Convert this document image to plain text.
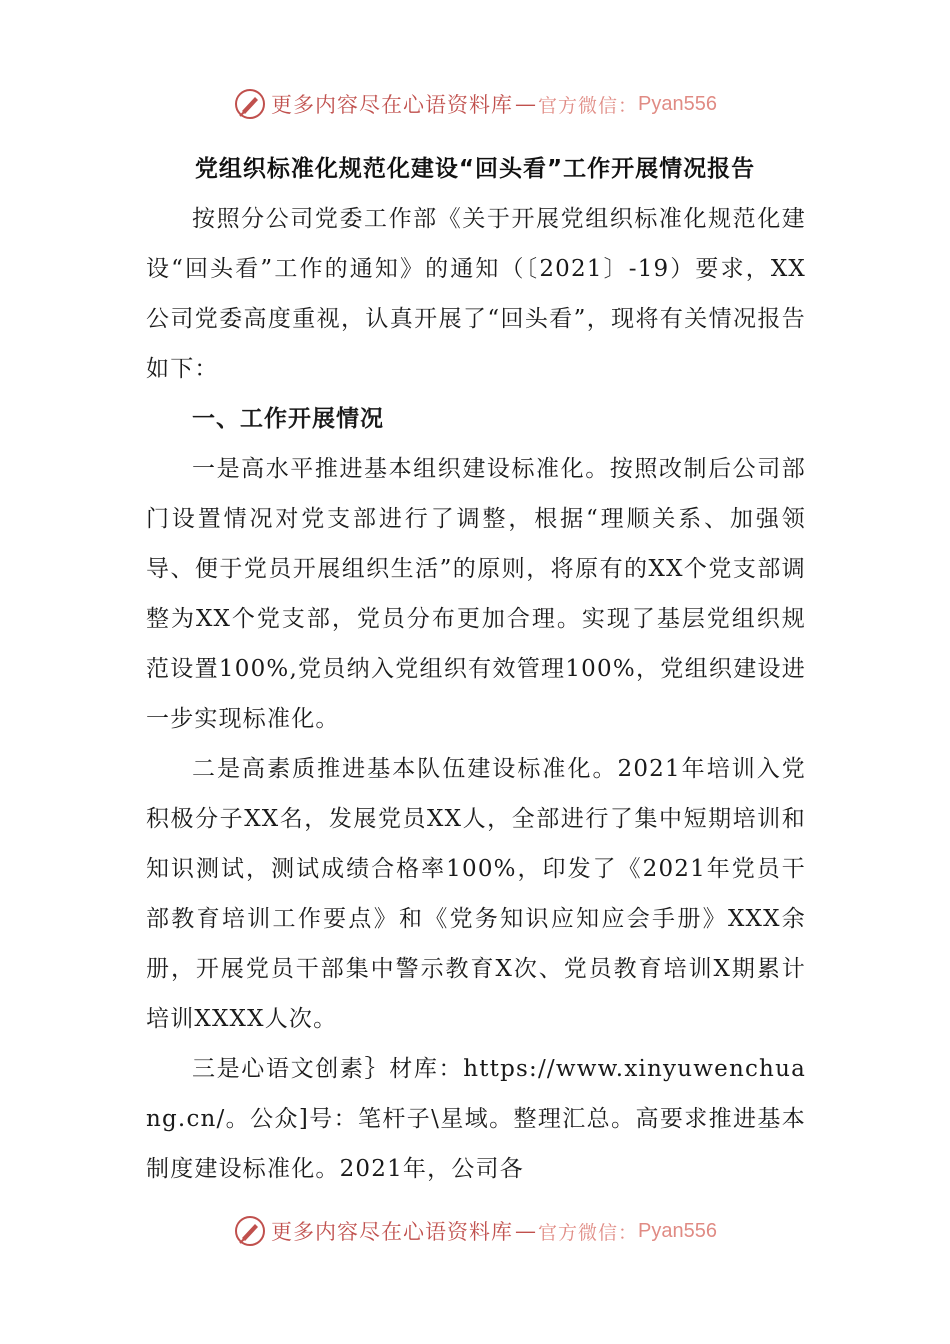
更多内容尽在心语资料库 — 官方微信： Pyan556
党组织标准化规范化建设“回头看”工作开展情况报告

按照分公司党委工作部《关于开展党组织标准化规范化建设“回头看”工作的通知》的通知（〔2021〕-19）要求，XX公司党委高度重视，认真开展了“回头看”，现将有关情况报告如下：

一、工作开展情况

一是高水平推进基本组织建设标准化。按照改制后公司部门设置情况对党支部进行了调整，根据“理顺关系、加强领导、便于党员开展组织生活”的原则，将原有的XX个党支部调整为XX个党支部，党员分布更加合理。实现了基层党组织规范设置100%,党员纳入党组织有效管理100%，党组织建设进一步实现标准化。

二是高素质推进基本队伍建设标准化。2021年培训入党积极分子XX名，发展党员XX人，全部进行了集中短期培训和知识测试，测试成绩合格率100%，印发了《2021年党员干部教育培训工作要点》和《党务知识应知应会手册》XXX余册，开展党员干部集中警示教育X次、党员教育培训X期累计培训XXXX人次。

三是心语文创素｝材库：https://www.xinyuwenchuang.cn/。公众]号：笔杆子\星域。整理汇总。高要求推进基本制度建设标准化。2021年，公司各

更多内容尽在心语资料库 — 官方微信： Pyan556
